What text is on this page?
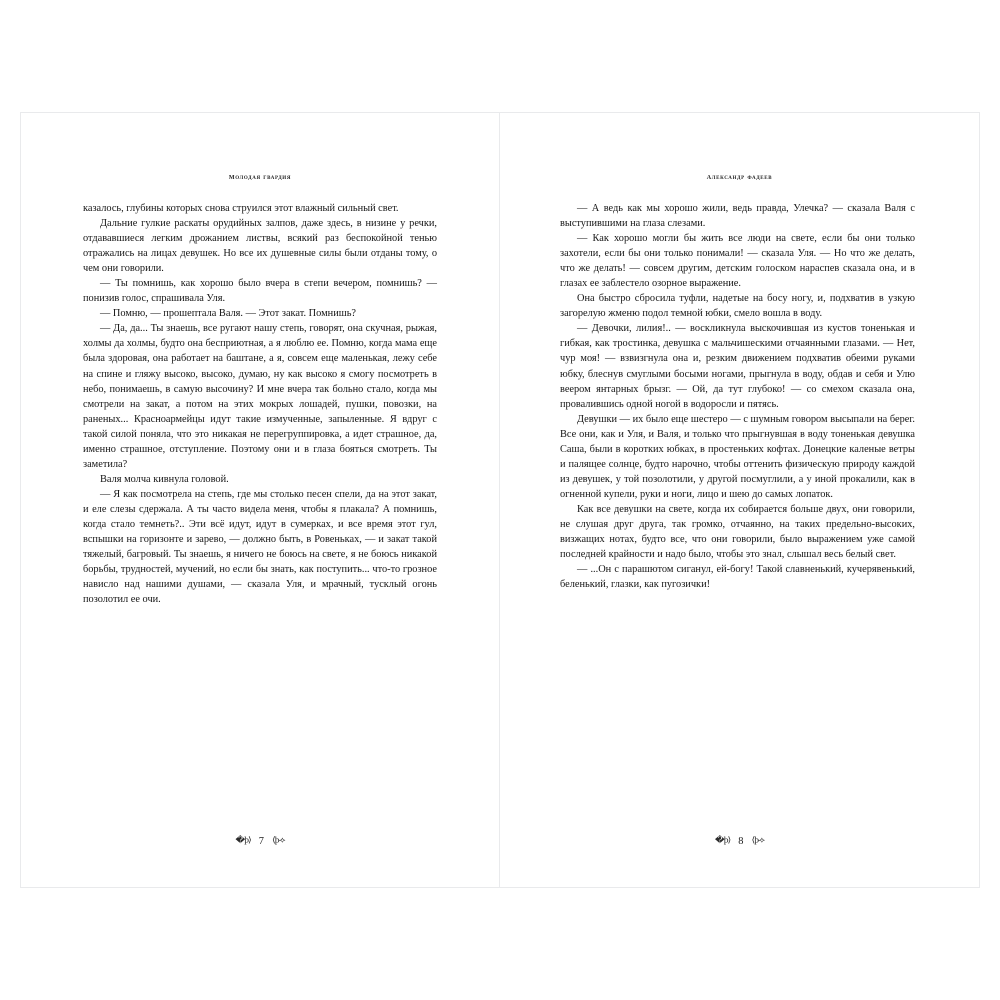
молодая гвардия

казалось, глубины которых снова струился этот влажный сильный свет.

Дальние гулкие раскаты орудийных залпов, даже здесь, в низине у речки, отдававшиеся легким дрожанием листвы, всякий раз беспокойной тенью отражались на лицах девушек. Но все их душевные силы были отданы тому, о чем они говорили.

— Ты помнишь, как хорошо было вчера в степи вечером, помнишь? — понизив голос, спрашивала Уля.

— Помню, — прошептала Валя. — Этот закат. Помнишь?

— Да, да... Ты знаешь, все ругают нашу степь, говорят, она скучная, рыжая, холмы да холмы, будто она бесприютная, а я люблю ее. Помню, когда мама еще была здоровая, она работает на баштане, а я, совсем еще маленькая, лежу себе на спине и гляжу высоко, высоко, думаю, ну как высоко я смогу посмотреть в небо, понимаешь, в самую высочину? И мне вчера так больно стало, когда мы смотрели на закат, а потом на этих мокрых лошадей, пушки, повозки, на раненых... Красноармейцы идут такие измученные, запыленные. Я вдруг с такой силой поняла, что это никакая не перегруппировка, а идет страшное, да, именно страшное, отступление. Поэтому они и в глаза бояться смотреть. Ты заметила?

Валя молча кивнула головой.

— Я как посмотрела на степь, где мы столько песен спели, да на этот закат, и еле слезы сдержала. А ты часто видела меня, чтобы я плакала? А помнишь, когда стало темнеть?.. Эти всё идут, идут в сумерках, и все время этот гул, вспышки на горизонте и зарево, — должно быть, в Ровеньках, — и закат такой тяжелый, багровый. Ты знаешь, я ничего не боюсь на свете, я не боюсь никакой борьбы, трудностей, мучений, но если бы знать, как поступить... что-то грозное нависло над нашими душами, — сказала Уля, и мрачный, тусклый огонь позолотил ее очи.

�þ⟩ 7 ⟨þ⟢
александр фадеев

— А ведь как мы хорошо жили, ведь правда, Улечка? — сказала Валя с выступившими на глаза слезами.

— Как хорошо могли бы жить все люди на свете, если бы они только захотели, если бы они только понимали! — сказала Уля. — Но что же делать, что же делать! — совсем другим, детским голоском нараспев сказала она, и в глазах ее заблестело озорное выражение.

Она быстро сбросила туфли, надетые на босу ногу, и, подхватив в узкую загорелую жменю подол темной юбки, смело вошла в воду.

— Девочки, лилия!.. — воскликнула выскочившая из кустов тоненькая и гибкая, как тростинка, девушка с мальчишескими отчаянными глазами. — Нет, чур моя! — взвизгнула она и, резким движением подхватив обеими руками юбку, блеснув смуглыми босыми ногами, прыгнула в воду, обдав и себя и Улю веером янтарных брызг. — Ой, да тут глубоко! — со смехом сказала она, провалившись одной ногой в водоросли и пятясь.

Девушки — их было еще шестеро — с шумным говором высыпали на берег. Все они, как и Уля, и Валя, и только что прыгнувшая в воду тоненькая девушка Саша, были в коротких юбках, в простеньких кофтах. Донецкие каленые ветры и палящее солнце, будто нарочно, чтобы оттенить физическую природу каждой из девушек, у той позолотили, у другой посмуглили, а у иной прокалили, как в огненной купели, руки и ноги, лицо и шею до самых лопаток.

Как все девушки на свете, когда их собирается больше двух, они говорили, не слушая друг друга, так громко, отчаянно, на таких предельно-высоких, визжащих нотах, будто все, что они говорили, было выражением уже самой последней крайности и надо было, чтобы это знал, слышал весь белый свет.

— ...Он с парашютом сиганул, ей-богу! Такой славненький, кучерявенький, беленький, глазки, как пугозички!

�þ⟩ 8 ⟨þ⟢
